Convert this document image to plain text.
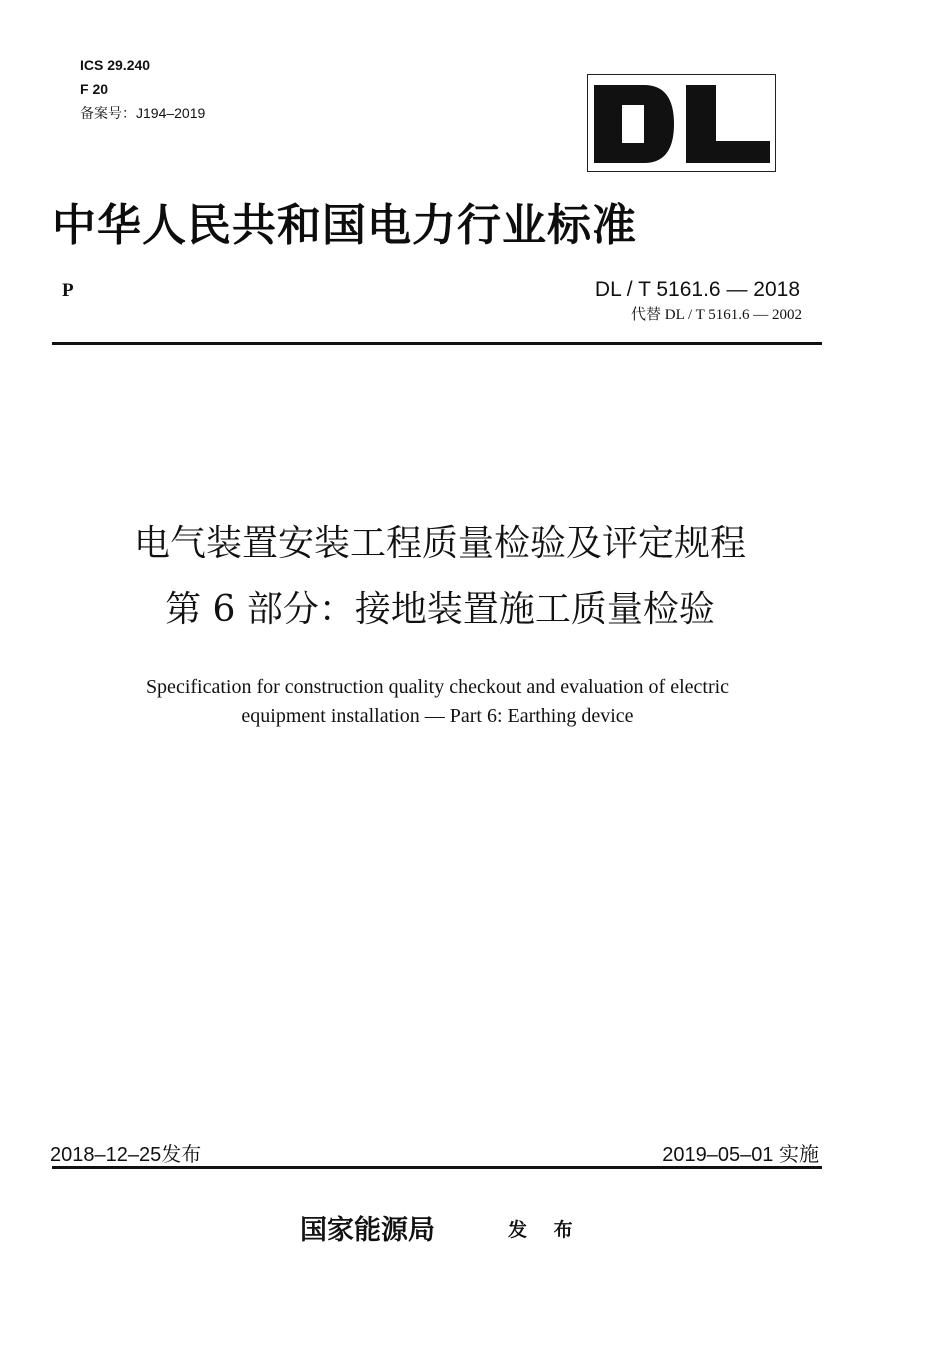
ICS 29.240
F 20
备案号：J194–2019
中华人民共和国电力行业标准
P	DL / T 5161.6 — 2018
代替 DL / T 5161.6 — 2002
电气装置安装工程质量检验及评定规程
第 6 部分：接地装置施工质量检验
Specification for construction quality checkout and evaluation of electric
equipment installation — Part 6: Earthing device
2018–12–25发布	2019–05–01 实施
国家能源局	发 布
